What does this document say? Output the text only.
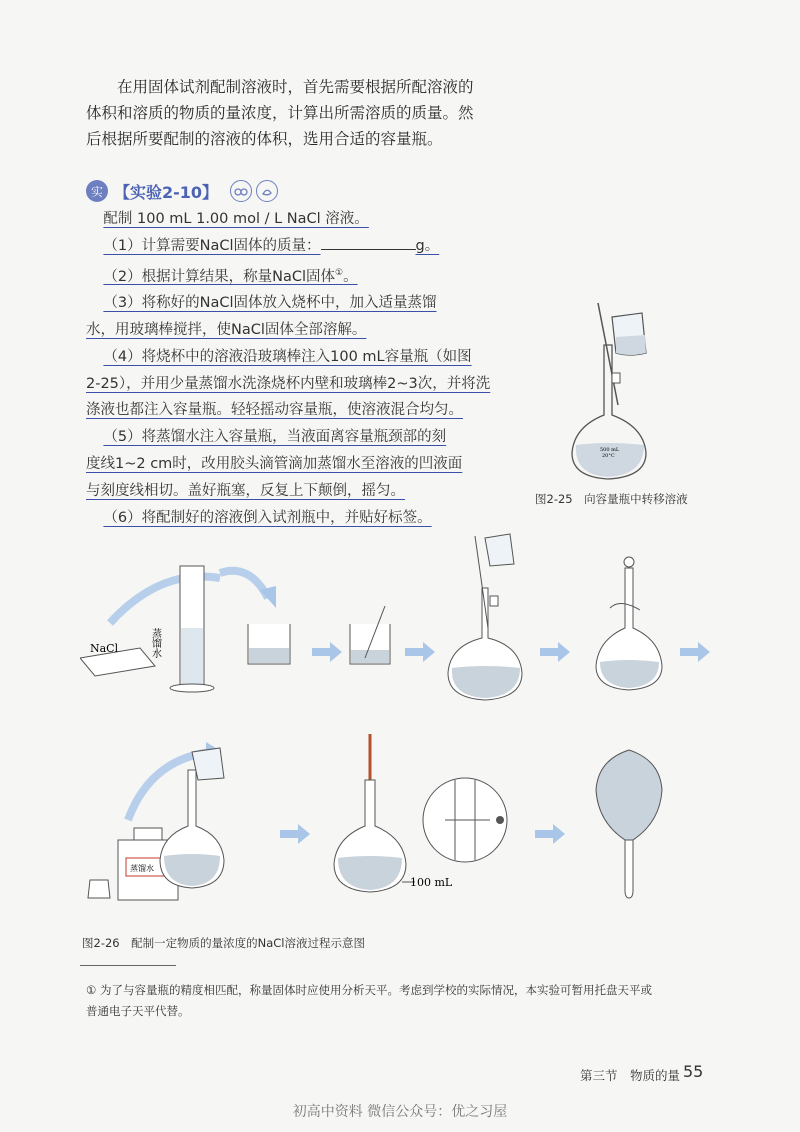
在用固体试剂配制溶液时，首先需要根据所配溶液的

体积和溶质的物质的量浓度，计算出所需溶质的质量。然

后根据所要配制的溶液的体积，选用合适的容量瓶。

实 【实验2-10】

配制 100 mL 1.00 mol / L NaCl 溶液。

（1）计算需要NaCl固体的质量：	g。

（2）根据计算结果，称量NaCl固体①。

（3）将称好的NaCl固体放入烧杯中，加入适量蒸馏

水，用玻璃棒搅拌，使NaCl固体全部溶解。

（4）将烧杯中的溶液沿玻璃棒注入100 mL容量瓶（如图

2-25），并用少量蒸馏水洗涤烧杯内壁和玻璃棒2~3次，并将洗

涤液也都注入容量瓶。轻轻摇动容量瓶，使溶液混合均匀。

（5）将蒸馏水注入容量瓶，当液面离容量瓶颈部的刻

度线1~2 cm时，改用胶头滴管滴加蒸馏水至溶液的凹液面

与刻度线相切。盖好瓶塞，反复上下颠倒，摇匀。

（6）将配制好的溶液倒入试剂瓶中，并贴好标签。

500 mL
20°C
图2-25　向容量瓶中转移溶液
NaCl	蒸馏水
蒸馏水
100 mL
图2-26　配制一定物质的量浓度的NaCl溶液过程示意图
① 为了与容量瓶的精度相匹配，称量固体时应使用分析天平。考虑到学校的实际情况，本实验可暂用托盘天平或
普通电子天平代替。
第三节　物质的量 55
初高中资料 微信公众号：优之习屋
